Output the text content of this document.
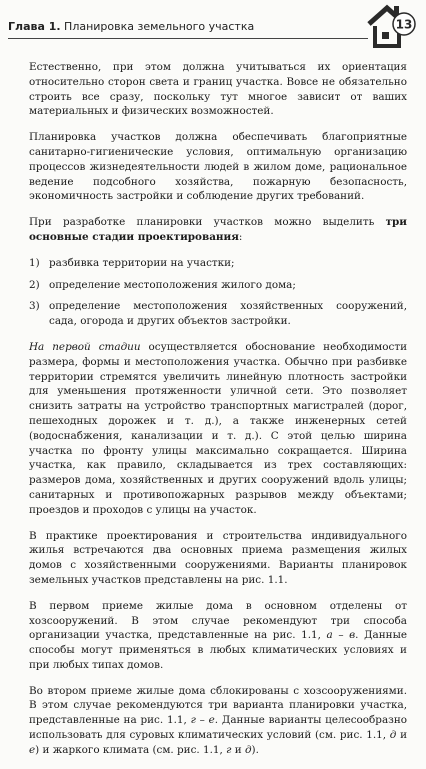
Глава 1. Планировка земельного участка	13

Естественно, при этом должна учитываться их ориентация относительно сторон света и границ участка. Вовсе не обязательно строить все сразу, поскольку тут многое зависит от ваших материальных и физических возможностей.

Планировка участков должна обеспечивать благоприятные санитарно-гигиенические условия, оптимальную организацию процессов жизнедеятельности людей в жилом доме, рациональное ведение подсобного хозяйства, пожарную безопасность, экономичность застройки и соблюдение других требований.

При разработке планировки участков можно выделить три основные стадии проектирования:

1) разбивка территории на участки;
2) определение местоположения жилого дома;
3) определение местоположения хозяйственных сооружений, сада, огорода и других объектов застройки.

На первой стадии осуществляется обоснование необходимости размера, формы и местоположения участка. Обычно при разбивке территории стремятся увеличить линейную плотность застройки для уменьшения протяженности уличной сети. Это позволяет снизить затраты на устройство транспортных магистралей (дорог, пешеходных дорожек и т. д.), а также инженерных сетей (водоснабжения, канализации и т. д.). С этой целью ширина участка по фронту улицы максимально сокращается. Ширина участка, как правило, складывается из трех составляющих: размеров дома, хозяйственных и других сооружений вдоль улицы; санитарных и противопожарных разрывов между объектами; проездов и проходов с улицы на участок.

В практике проектирования и строительства индивидуального жилья встречаются два основных приема размещения жилых домов с хозяйственными сооружениями. Варианты планировок земельных участков представлены на рис. 1.1.

В первом приеме жилые дома в основном отделены от хозсооружений. В этом случае рекомендуют три способа организации участка, представленные на рис. 1.1, а – в. Данные способы могут применяться в любых климатических условиях и при любых типах домов.

Во втором приеме жилые дома сблокированы с хозсооружениями. В этом случае рекомендуются три варианта планировки участка, представленные на рис. 1.1, г – е. Данные варианты целесообразно использовать для суровых климатических условий (см. рис. 1.1, д и е) и жаркого климата (см. рис. 1.1, г и д).
